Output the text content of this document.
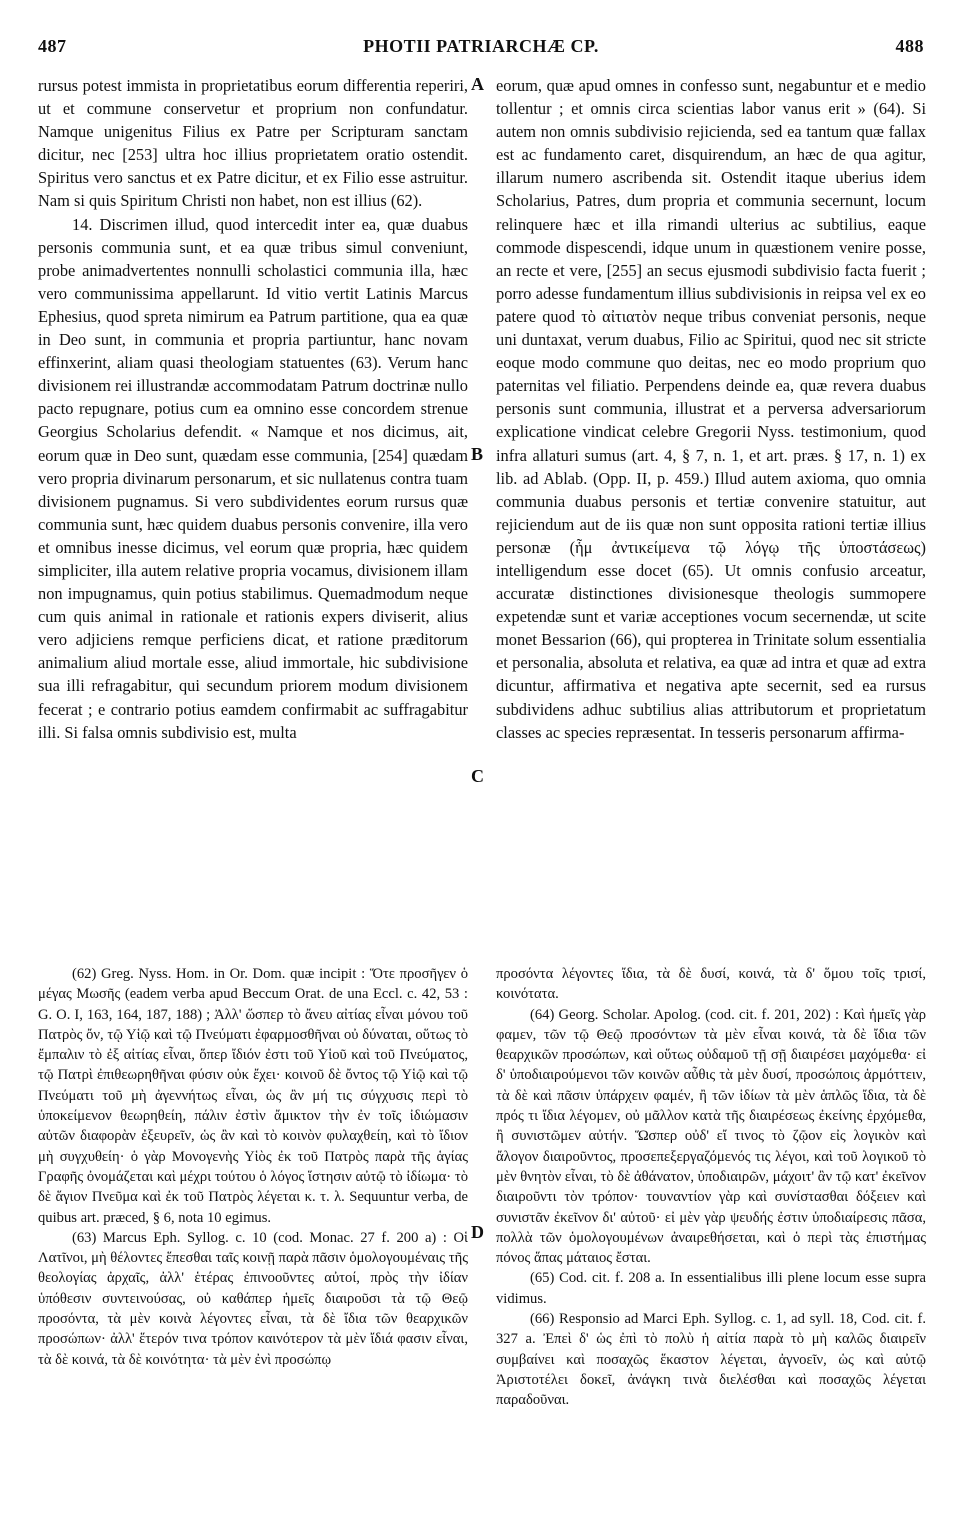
487	PHOTII PATRIARCHÆ CP.	488
A
B
C
D

rursus potest immista in proprietatibus eorum differentia reperiri, ut et commune conservetur et proprium non confundatur. Namque unigenitus Filius ex Patre per Scripturam sanctam dicitur, nec [253] ultra hoc illius proprietatem oratio ostendit. Spiritus vero sanctus et ex Patre dicitur, et ex Filio esse astruitur. Nam si quis Spiritum Christi non habet, non est illius (62).

14. Discrimen illud, quod intercedit inter ea, quæ duabus personis communia sunt, et ea quæ tribus simul conveniunt, probe animadvertentes nonnulli scholastici communia illa, hæc vero communissima appellarunt. Id vitio vertit Latinis Marcus Ephesius, quod spreta nimirum ea Patrum partitione, qua ea quæ in Deo sunt, in communia et propria partiuntur, hanc novam effinxerint, aliam quasi theologiam statuentes (63). Verum hanc divisionem rei illustrandæ accommodatam Patrum doctrinæ nullo pacto repugnare, potius cum ea omnino esse concordem strenue Georgius Scholarius defendit. « Namque et nos dicimus, ait, eorum quæ in Deo sunt, quædam esse communia, [254] quædam vero propria divinarum personarum, et sic nullatenus contra tuam divisionem pugnamus. Si vero subdividentes eorum rursus quæ communia sunt, hæc quidem duabus personis convenire, illa vero et omnibus inesse dicimus, vel eorum quæ propria, hæc quidem simpliciter, illa autem relative propria vocamus, divisionem illam non impugnamus, quin potius stabilimus. Quemadmodum neque cum quis animal in rationale et rationis expers diviserit, alius vero adjiciens remque perficiens dicat, et ratione præditorum animalium aliud mortale esse, aliud immortale, hic subdivisione sua illi refragabitur, qui secundum priorem modum divisionem fecerat ; e contrario potius eamdem confirmabit ac suffragabitur illi. Si falsa omnis subdivisio est, multa

eorum, quæ apud omnes in confesso sunt, negabuntur et e medio tollentur ; et omnis circa scientias labor vanus erit » (64). Si autem non omnis subdivisio rejicienda, sed ea tantum quæ fallax est ac fundamento caret, disquirendum, an hæc de qua agitur, illarum numero ascribenda sit. Ostendit itaque uberius idem Scholarius, Patres, dum propria et communia secernunt, locum relinquere hæc et illa rimandi ulterius ac subtilius, eaque commode dispescendi, idque unum in quæstionem venire posse, an recte et vere, [255] an secus ejusmodi subdivisio facta fuerit ; porro adesse fundamentum illius subdivisionis in reipsa vel ex eo patere quod τὸ αἰτιατὸν neque tribus conveniat personis, neque uni duntaxat, verum duabus, Filio ac Spiritui, quod nec sit stricte eoque modo commune quo deitas, nec eo modo proprium quo paternitas vel filiatio. Perpendens deinde ea, quæ revera duabus personis sunt communia, illustrat et a perversa adversariorum explicatione vindicat celebre Gregorii Nyss. testimonium, quod infra allaturi sumus (art. 4, § 7, n. 1, et art. præs. § 17, n. 1) ex lib. ad Ablab. (Opp. II, p. 459.) Illud autem axioma, quo omnia communia duabus personis et tertiæ convenire statuitur, aut rejiciendum aut de iis quæ non sunt opposita rationi tertiæ illius personæ (ἧμ ἀντικείμενα τῷ λόγῳ τῆς ὑποστάσεως) intelligendum esse docet (65). Ut omnis confusio arceatur, accuratæ distinctiones divisionesque theologis summopere expetendæ sunt et variæ acceptiones vocum secernendæ, ut scite monet Bessarion (66), qui propterea in Trinitate solum essentialia et personalia, absoluta et relativa, ea quæ ad intra et quæ ad extra dicuntur, affirmativa et negativa apte secernit, sed ea rursus subdividens adhuc subtilius alias attributorum et proprietatum classes ac species repræsentat. In tesseris personarum affirma-

(62) Greg. Nyss. Hom. in Or. Dom. quæ incipit : Ὅτε προσῆγεν ὁ μέγας Μωσῆς (eadem verba apud Beccum Orat. de una Eccl. c. 42, 53 : G. O. I, 163, 164, 187, 188) ; Ἀλλ' ὥσπερ τὸ ἄνευ αἰτίας εἶναι μόνου τοῦ Πατρὸς ὄν, τῷ Υἱῷ καὶ τῷ Πνεύματι ἐφαρμοσθῆναι οὐ δύναται, οὕτως τὸ ἔμπαλιν τὸ ἐξ αἰτίας εἶναι, ὅπερ ἴδιόν ἐστι τοῦ Υἱοῦ καὶ τοῦ Πνεύματος, τῷ Πατρὶ ἐπιθεωρηθῆναι φύσιν οὐκ ἔχει· κοινοῦ δὲ ὄντος τῷ Υἱῷ καὶ τῷ Πνεύματι τοῦ μὴ ἀγεννήτως εἶναι, ὡς ἂν μή τις σύγχυσις περὶ τὸ ὑποκείμενον θεωρηθείη, πάλιν ἐστὶν ἄμικτον τὴν ἐν τοῖς ἰδιώμασιν αὐτῶν διαφορὰν ἐξευρεῖν, ὡς ἂν καὶ τὸ κοινὸν φυλαχθείη, καὶ τὸ ἴδιον μὴ συγχυθείη· ὁ γὰρ Μονογενὴς Υἱὸς ἐκ τοῦ Πατρὸς παρὰ τῆς ἁγίας Γραφῆς ὀνομάζεται καὶ μέχρι τούτου ὁ λόγος ἵστησιν αὐτῷ τὸ ἰδίωμα· τὸ δὲ ἅγιον Πνεῦμα καὶ ἐκ τοῦ Πατρὸς λέγεται κ. τ. λ. Sequuntur verba, de quibus art. præced, § 6, nota 10 egimus.

(63) Marcus Eph. Syllog. c. 10 (cod. Monac. 27 f. 200 a) : Οἱ Λατῖνοι, μὴ θέλοντες ἕπεσθαι ταῖς κοινῇ παρὰ πᾶσιν ὁμολογουμέναις τῆς θεολογίας ἀρχαῖς, ἀλλ' ἑτέρας ἐπινοοῦντες αὐτοί, πρὸς τὴν ἰδίαν ὑπόθεσιν συντεινούσας, οὐ καθάπερ ἡμεῖς διαιροῦσι τὰ τῷ Θεῷ προσόντα, τὰ μὲν κοινὰ λέγοντες εἶναι, τὰ δὲ ἴδια τῶν θεαρχικῶν προσώπων· ἀλλ' ἕτερόν τινα τρόπον καινότερον τὰ μὲν ἴδιά φασιν εἶναι, τὰ δὲ κοινά, τὰ δὲ κοινότητα· τὰ μὲν ἐνὶ προσώπῳ

προσόντα λέγοντες ἴδια, τὰ δὲ δυσί, κοινά, τὰ δ' ὅμου τοῖς τρισί, κοινότατα.

(64) Georg. Scholar. Apolog. (cod. cit. f. 201, 202) : Καὶ ἡμεῖς γὰρ φαμεν, τῶν τῷ Θεῷ προσόντων τὰ μὲν εἶναι κοινά, τὰ δὲ ἴδια τῶν θεαρχικῶν προσώπων, καὶ οὕτως οὐδαμοῦ τῇ σῇ διαιρέσει μαχόμεθα· εἰ δ' ὑποδιαιρούμενοι τῶν κοινῶν αὖθις τὰ μὲν δυσί, προσώποις ἁρμόττειν, τὰ δὲ καὶ πᾶσιν ὑπάρχειν φαμέν, ἢ τῶν ἰδίων τὰ μὲν ἁπλῶς ἴδια, τὰ δὲ πρός τι ἴδια λέγομεν, οὐ μᾶλλον κατὰ τῆς διαιρέσεως ἐκείνης ἐρχόμεθα, ἢ συνιστῶμεν αὐτήν. Ὥσπερ οὐδ' εἴ τινος τὸ ζῷον εἰς λογικὸν καὶ ἄλογον διαιροῦντος, προσεπεξεργαζόμενός τις λέγοι, καὶ τοῦ λογικοῦ τὸ μὲν θνητὸν εἶναι, τὸ δὲ ἀθάνατον, ὑποδιαιρῶν, μάχοιτ' ἂν τῷ κατ' ἐκεῖνον διαιροῦντι τὸν τρόπον· τουναντίον γὰρ καὶ συνίστασθαι δόξειεν καὶ συνιστᾶν ἐκεῖνον δι' αὐτοῦ· εἰ μὲν γὰρ ψευδής ἐστιν ὑποδιαίρεσις πᾶσα, πολλὰ τῶν ὁμολογουμένων ἀναιρεθήσεται, καὶ ὁ περὶ τὰς ἐπιστήμας πόνος ἅπας μάταιος ἔσται.

(65) Cod. cit. f. 208 a. In essentialibus illi plene locum esse supra vidimus.

(66) Responsio ad Marci Eph. Syllog. c. 1, ad syll. 18, Cod. cit. f. 327 a. Ἐπεὶ δ' ὡς ἐπὶ τὸ πολὺ ἡ αἰτία παρὰ τὸ μὴ καλῶς διαιρεῖν συμβαίνει καὶ ποσαχῶς ἕκαστον λέγεται, ἀγνοεῖν, ὡς καὶ αὐτῷ Ἀριστοτέλει δοκεῖ, ἀνάγκη τινὰ διελέσθαι καὶ ποσαχῶς λέγεται παραδοῦναι.
